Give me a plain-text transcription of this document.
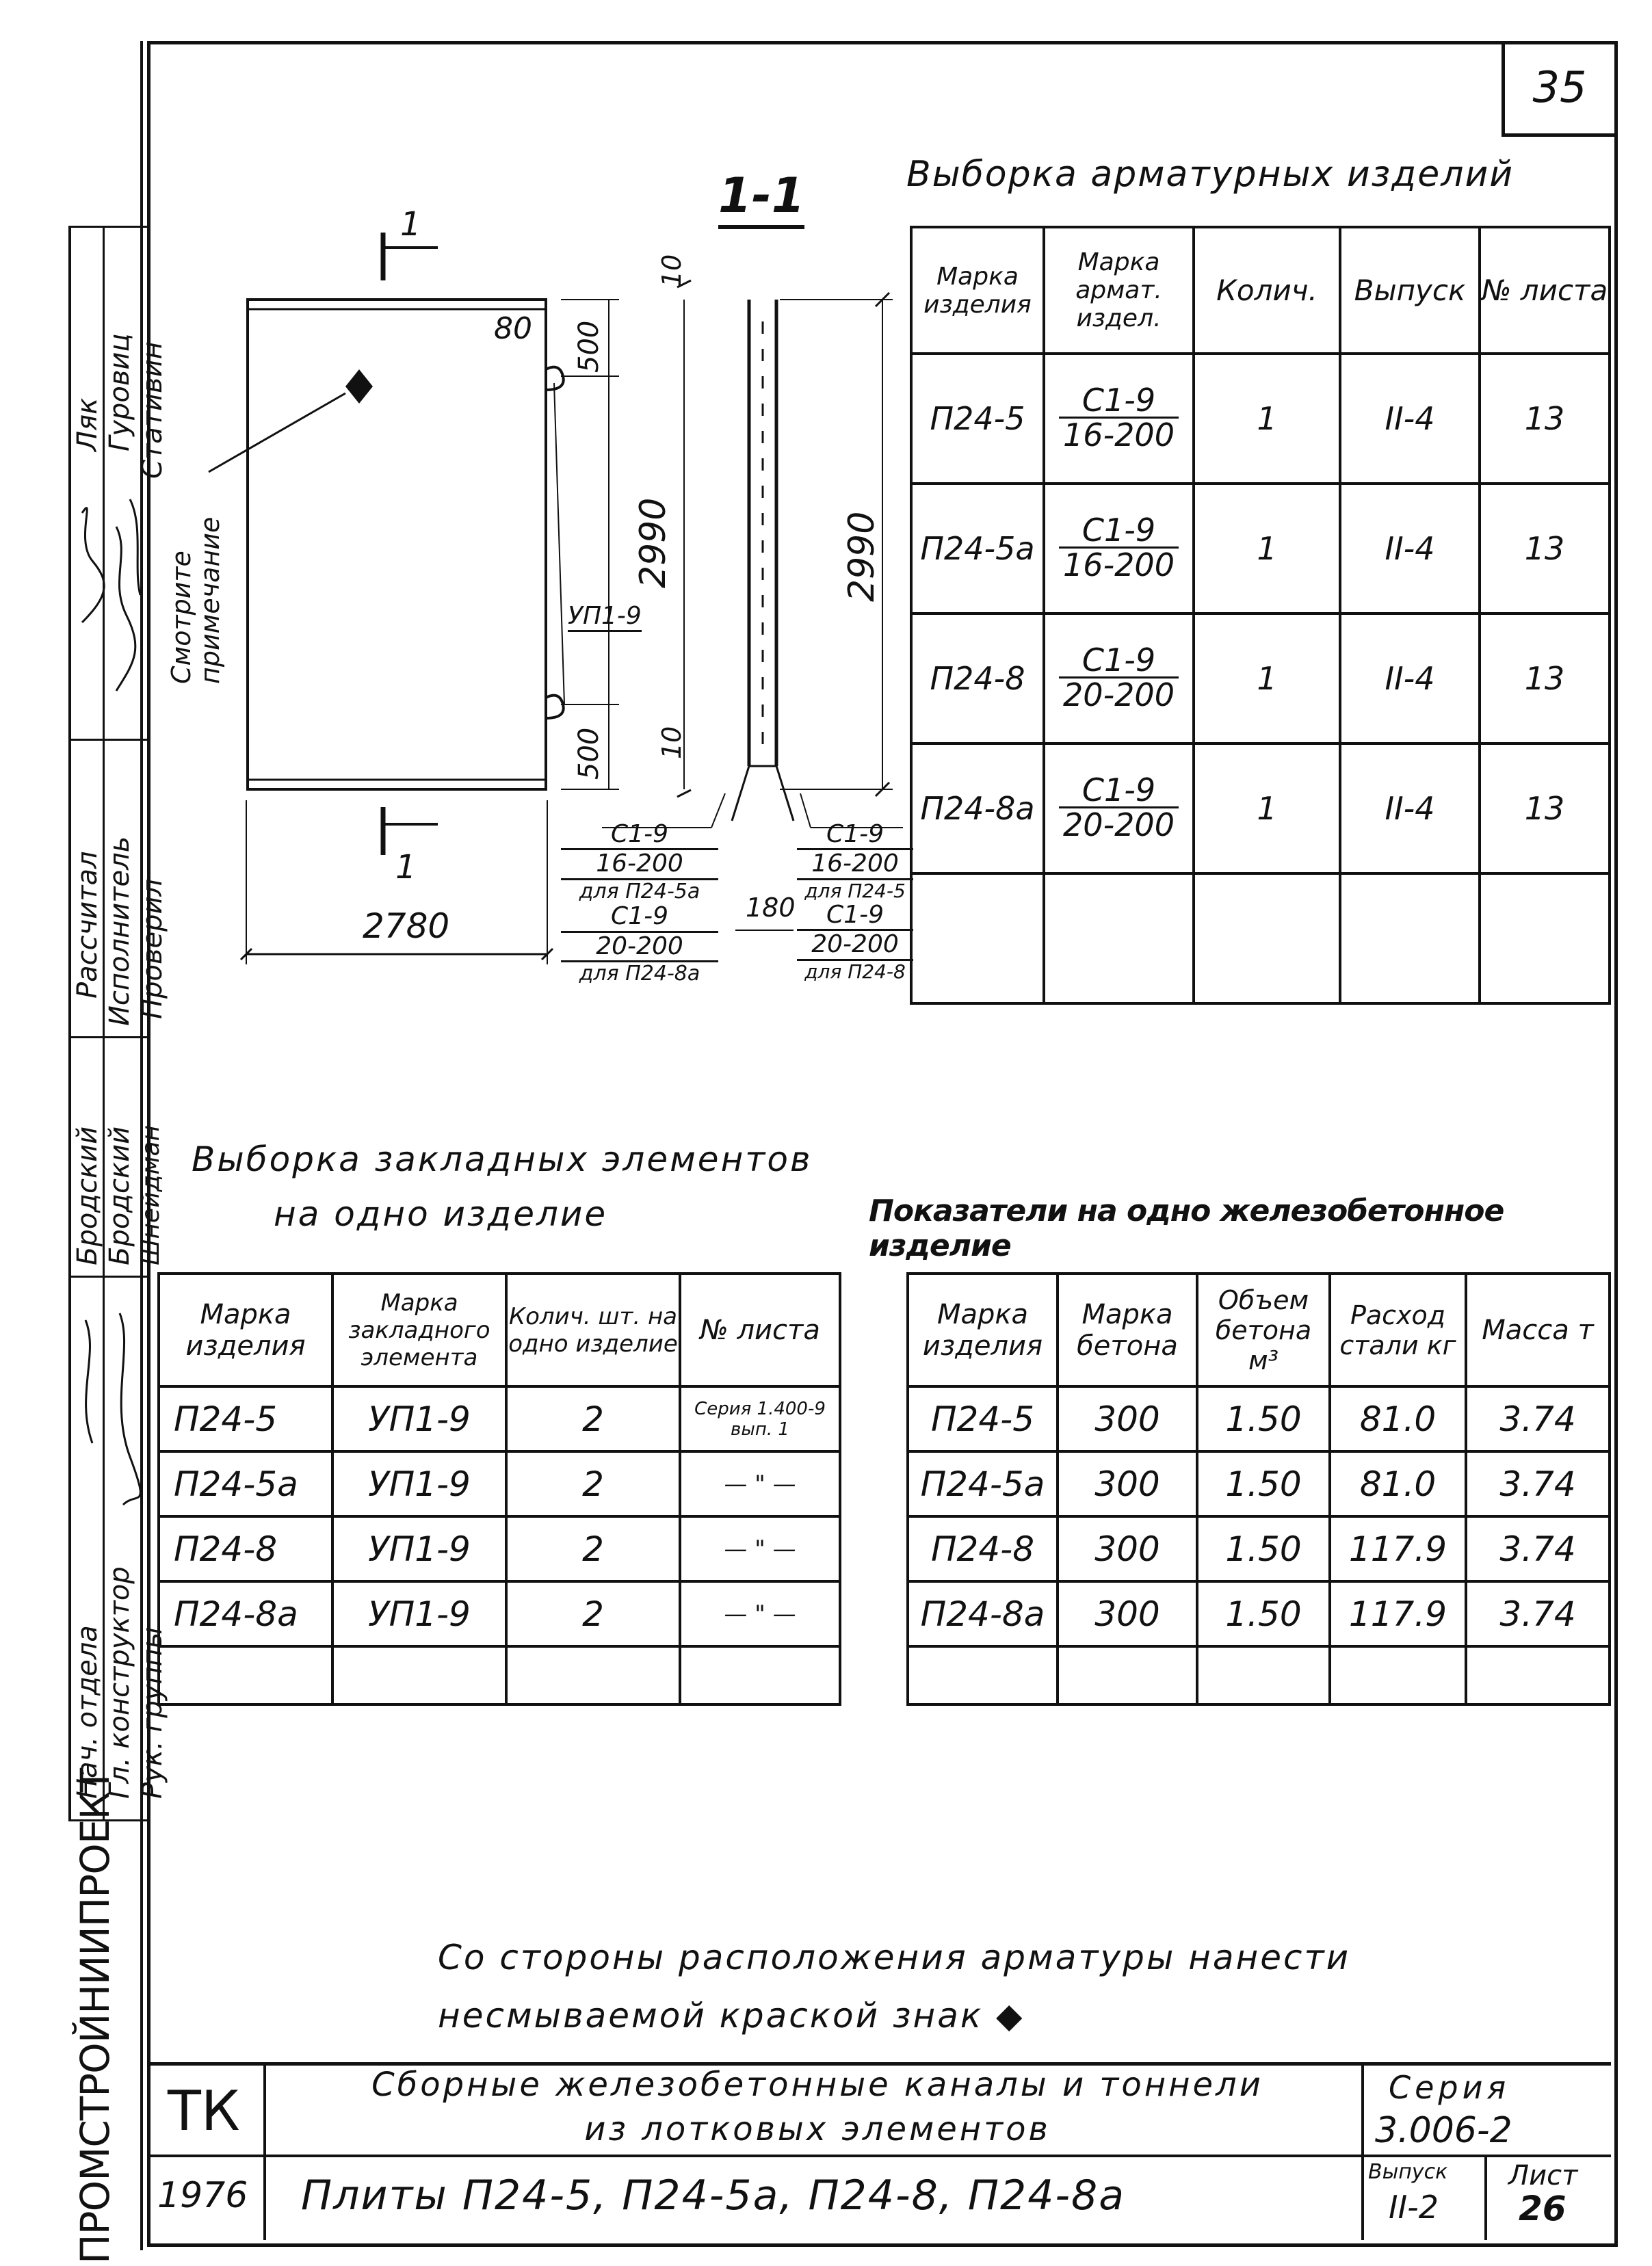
35
Ляк Гуровиц Стативин
Рассчитал Исполнитель Проверил
Бродский Бродский Шнейдман
Нач. отдела Гл. конструктор Рук. группы
ПРОМСТРОЙНИИПРОЕКТ
1-1
1
1
Смотрите примечание
2780
80 500
2990
500
10
10
2990
180
УП1-9
С1-9
16-200
для П24-5а
С1-9
20-200
для П24-8а
С1-9
16-200
для П24-5
С1-9
20-200
для П24-8
Выборка арматурных изделий
Марка изделия	Марка армат. издел.	Колич.	Выпуск	№ листа
П24-5	$\frac{С1-9}{16-200}$	1	II-4	13
П24-5а	$\frac{С1-9}{16-200}$	1	II-4	13
П24-8	$\frac{С1-9}{20-200}$	1	II-4	13
П24-8а	$\frac{С1-9}{20-200}$	1	II-4	13

Выборка закладных элементов
на одно изделие
Марка изделия	Марка закладного элемента	Колич. шт. на одно изделие	№ листа
П24-5	УП1-9	2	Серия 1.400-9 вып. 1
П24-5а	УП1-9	2	— " —
П24-8	УП1-9	2	— " —
П24-8а	УП1-9	2	— " —

Показатели на одно железобетонное изделие
Марка изделия	Марка бетона	Объем бетона м³	Расход стали кг	Масса т
П24-5	300	1.50	81.0	3.74
П24-5а	300	1.50	81.0	3.74
П24-8	300	1.50	117.9	3.74
П24-8а	300	1.50	117.9	3.74

Со стороны расположения арматуры нанести
несмываемой краской знак ◆
ТК
1976
Сборные железобетонные каналы и тоннели
из лотковых элементов
Плиты П24-5, П24-5а, П24-8, П24-8а
Серия
3.006-2
Выпуск
II-2
Лист
26
